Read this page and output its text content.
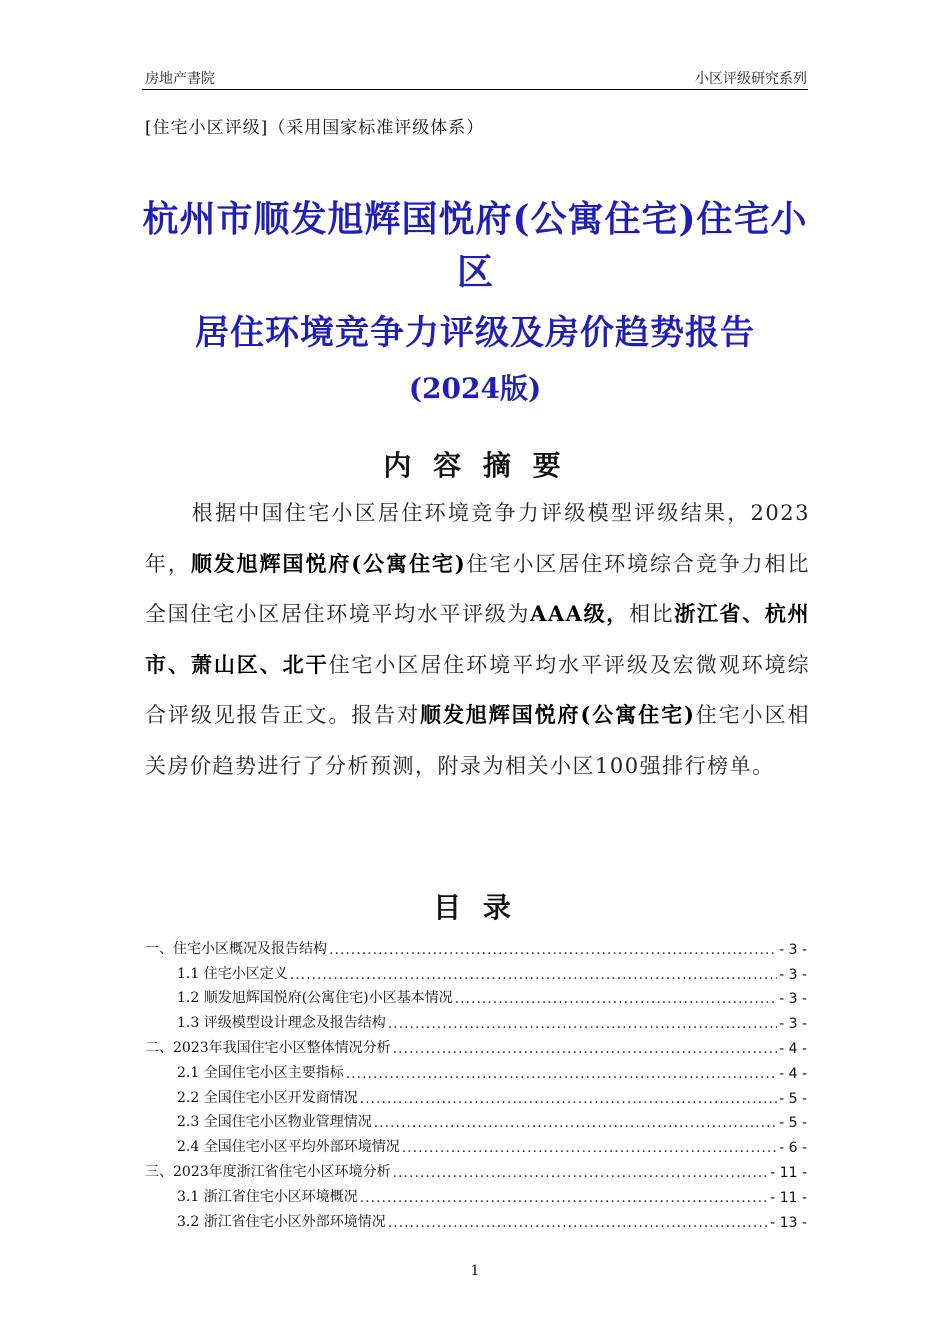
房地产書院	小区评级研究系列
[住宅小区评级]（采用国家标准评级体系）
杭州市顺发旭辉国悦府(公寓住宅)住宅小
区
居住环境竞争力评级及房价趋势报告
(2024版)
内 容 摘 要
根据中国住宅小区居住环境竞争力评级模型评级结果，2023年，顺发旭辉国悦府(公寓住宅)住宅小区居住环境综合竞争力相比全国住宅小区居住环境平均水平评级为AAA级，相比浙江省、杭州市、萧山区、北干住宅小区居住环境平均水平评级及宏微观环境综合评级见报告正文。报告对顺发旭辉国悦府(公寓住宅)住宅小区相关房价趋势进行了分析预测，附录为相关小区100强排行榜单。
目 录
一、住宅小区概况及报告结构 .....	- 3 -
1.1 住宅小区定义 .....	- 3 -
1.2 顺发旭辉国悦府(公寓住宅)小区基本情况 .....	- 3 -
1.3 评级模型设计理念及报告结构 .....	- 3 -
二、2023年我国住宅小区整体情况分析 .....	- 4 -
2.1 全国住宅小区主要指标 .....	- 4 -
2.2 全国住宅小区开发商情况 .....	- 5 -
2.3 全国住宅小区物业管理情况 .....	- 5 -
2.4 全国住宅小区平均外部环境情况 .....	- 6 -
三、2023年度浙江省住宅小区环境分析 .....	- 11 -
3.1 浙江省住宅小区环境概况 .....	- 11 -
3.2 浙江省住宅小区外部环境情况 .....	- 13 -
1
